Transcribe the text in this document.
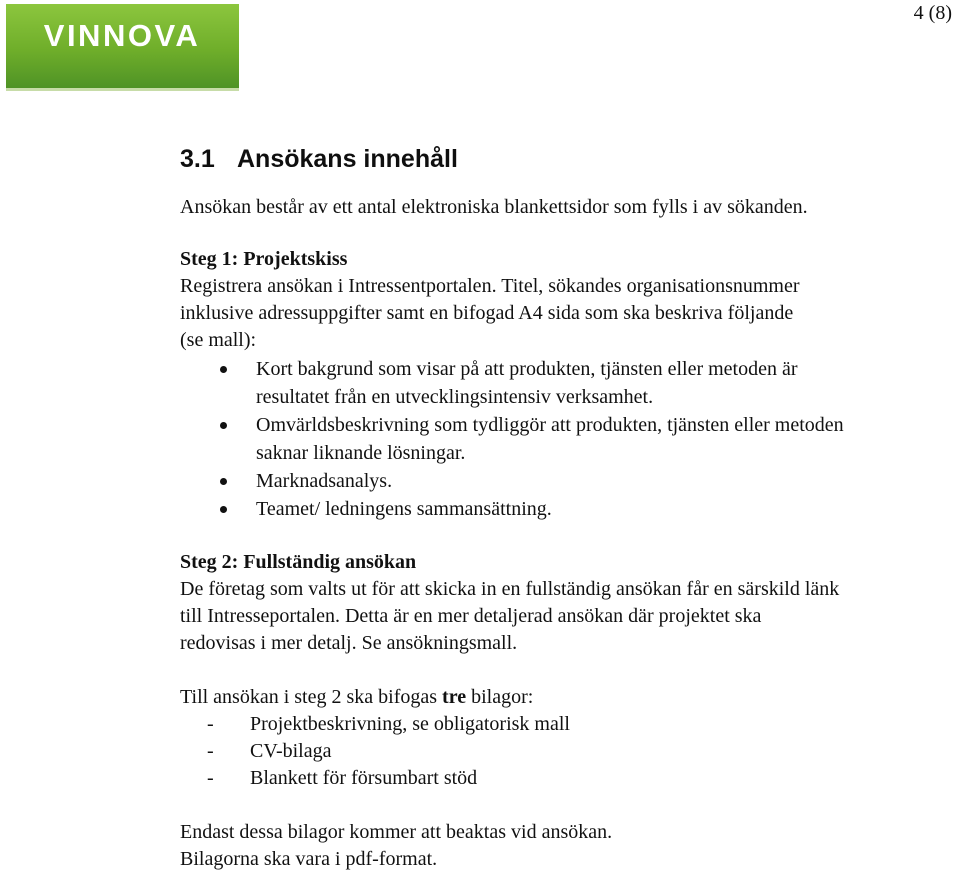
VINNOVA
4 (8)
3.1 Ansökans innehåll
Ansökan består av ett antal elektroniska blankettsidor som fylls i av sökanden.
Steg 1: Projektskiss
Registrera ansökan i Intressentportalen. Titel, sökandes organisationsnummer
inklusive adressuppgifter samt en bifogad A4 sida som ska beskriva följande
(se mall):
Kort bakgrund som visar på att produkten, tjänsten eller metoden är
resultatet från en utvecklingsintensiv verksamhet.
Omvärldsbeskrivning som tydliggör att produkten, tjänsten eller metoden
saknar liknande lösningar.
Marknadsanalys.
Teamet/ ledningens sammansättning.
Steg 2: Fullständig ansökan
De företag som valts ut för att skicka in en fullständig ansökan får en särskild länk
till Intresseportalen. Detta är en mer detaljerad ansökan där projektet ska
redovisas i mer detalj. Se ansökningsmall.
Till ansökan i steg 2 ska bifogas tre bilagor:
- Projektbeskrivning, se obligatorisk mall
- CV-bilaga
- Blankett för försumbart stöd
Endast dessa bilagor kommer att beaktas vid ansökan.
Bilagorna ska vara i pdf-format.
